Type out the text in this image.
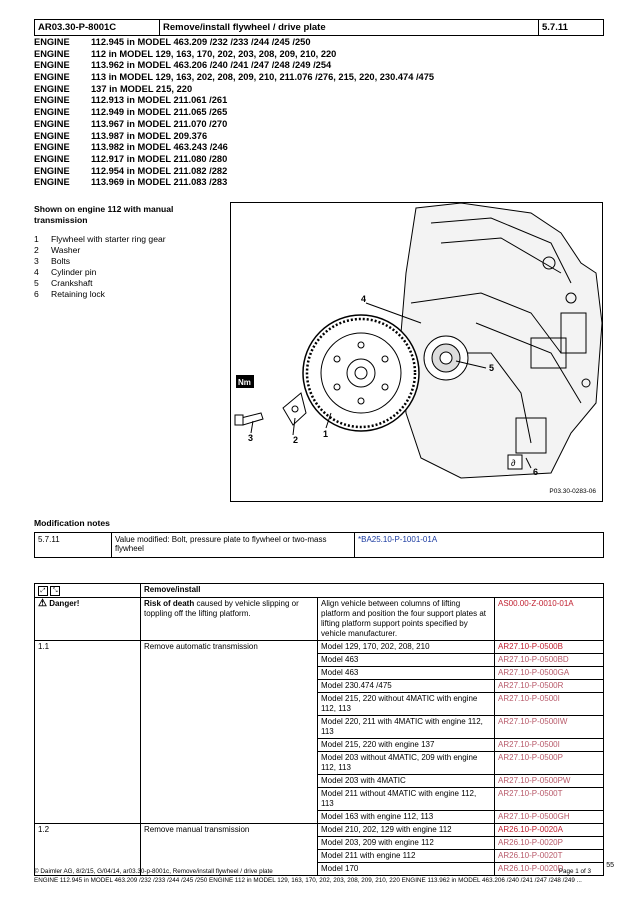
AR03.30-P-8001C	Remove/install flywheel / drive plate	5.7.11
ENGINE	112.945 in MODEL 463.209 /232 /233 /244 /245 /250
ENGINE	112 in MODEL 129, 163, 170, 202, 203, 208, 209, 210, 220
ENGINE	113.962 in MODEL 463.206 /240 /241 /247 /248 /249 /254
ENGINE	113 in MODEL 129, 163, 202, 208, 209, 210, 211.076 /276, 215, 220, 230.474 /475
ENGINE	137 in MODEL 215, 220
ENGINE	112.913 in MODEL 211.061 /261
ENGINE	112.949 in MODEL 211.065 /265
ENGINE	113.967 in MODEL 211.070 /270
ENGINE	113.987 in MODEL 209.376
ENGINE	113.982 in MODEL 463.243 /246
ENGINE	112.917 in MODEL 211.080 /280
ENGINE	112.954 in MODEL 211.082 /282
ENGINE	113.969 in MODEL 211.083 /283
Shown on engine 112 with manual transmission
1	Flywheel with starter ring gear
2	Washer
3	Bolts
4	Cylinder pin
5	Crankshaft
6	Retaining lock
Nm
∂
4
5
1
2
3
6
P03.30-0283-06
Modification notes
5.7.11	Value modified: Bolt, pressure plate to flywheel or two-mass flywheel	*BA25.10-P-1001-01A
⤢ ⤡	Remove/install		
⚠ Danger!	Risk of death caused by vehicle slipping or toppling off the lifting platform.	Align vehicle between columns of lifting platform and position the four support plates at lifting platform support points specified by vehicle manufacturer.	AS00.00-Z-0010-01A
1.1	Remove automatic transmission	Model 129, 170, 202, 208, 210	AR27.10-P-0500B
		Model 463	AR27.10-P-0500BD
		Model 463	AR27.10-P-0500GA
		Model 230.474 /475	AR27.10-P-0500R
		Model 215, 220 without 4MATIC with engine 112, 113	AR27.10-P-0500I
		Model 220, 211 with 4MATIC with engine 112, 113	AR27.10-P-0500IW
		Model 215, 220 with engine 137	AR27.10-P-0500I
		Model 203 without 4MATIC, 209 with engine 112, 113	AR27.10-P-0500P
		Model 203 with 4MATIC	AR27.10-P-0500PW
		Model 211 without 4MATIC with engine 112, 113	AR27.10-P-0500T
		Model 163 with engine 112, 113	AR27.10-P-0500GH
1.2	Remove manual transmission	Model 210, 202, 129 with engine 112	AR26.10-P-0020A
		Model 203, 209 with engine 112	AR26.10-P-0020P
		Model 211 with engine 112	AR26.10-P-0020T
		Model 170	AR26.10-P-0020D	55
© Daimler AG, 8/2/15, G/04/14, ar03.30-p-8001c, Remove/install flywheel / drive plate	Page 1 of 3
ENGINE 112.945 in MODEL 463.209 /232 /233 /244 /245 /250 ENGINE 112 in MODEL 129, 163, 170, 202, 203, 208, 209, 210, 220 ENGINE 113.962 in MODEL 463.206 /240 /241 /247 /248 /249 ...
